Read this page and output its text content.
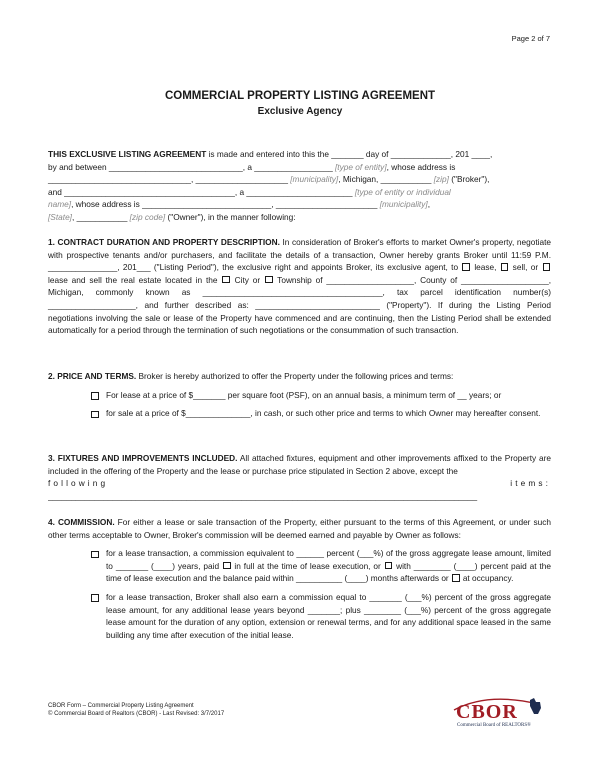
Page 2 of 7
COMMERCIAL PROPERTY LISTING AGREEMENT
Exclusive Agency

THIS EXCLUSIVE LISTING AGREEMENT is made and entered into this the _______ day of _____________, 201 ____,

by and between _____________________________, a _________________ [type of entity], whose address is

_______________________________, ____________________ [municipality], Michigan, ___________ [zip] ("Broker"),

and _____________________________________, a _______________________ [type of entity or individual

name], whose address is ____________________________, ______________________ [municipality],

[State], ___________ [zip code] ("Owner"), in the manner following:

1. CONTRACT DURATION AND PROPERTY DESCRIPTION. In consideration of Broker's efforts to market Owner's property, negotiate with prospective tenants and/or purchasers, and facilitate the details of a transaction, Owner hereby grants Broker until 11:59 P.M. _______________, 201___ ("Listing Period"), the exclusive right and appoints Broker, its exclusive agent, to  lease,  sell, or  lease and sell the real estate located in the  City or  Township of ___________________, County of ___________________, Michigan, commonly known as _______________________________________, tax parcel identification number(s) ___________________, and further described as: ___________________________ ("Property"). If during the Listing Period negotiations involving the sale or lease of the Property have commenced and are continuing, then the Listing Period shall be extended automatically for a period through the termination of such negotiations or the consummation of such transaction.

2. PRICE AND TERMS. Broker is hereby authorized to offer the Property under the following prices and terms:

For lease at a price of $_______ per square foot (PSF), on an annual basis, a minimum term of __ years; or

for sale at a price of $______________, in cash, or such other price and terms to which Owner may hereafter consent.

3. FIXTURES AND IMPROVEMENTS INCLUDED. All attached fixtures, equipment and other improvements affixed to the Property are included in the offering of the Property and the lease or purchase price stipulated in Section 2 above, except the

following	items:

_____________________________________________________________________________________________

4. COMMISSION. For either a lease or sale transaction of the Property, either pursuant to the terms of this Agreement, or under such other terms acceptable to Owner, Broker's commission will be deemed earned and payable by Owner as follows:

for a lease transaction, a commission equivalent to ______ percent (___%) of the gross aggregate lease amount, limited to _______ (____) years, paid  in full at the time of lease execution, or  with ________ (____) percent paid at the time of lease execution and the balance paid within __________ (____) months afterwards or  at occupancy.

for a lease transaction, Broker shall also earn a commission equal to _______ (___%) percent of the gross aggregate lease amount, for any additional lease years beyond _______; plus ________ (___%) percent of the gross aggregate lease amount for the duration of any option, extension or renewal terms, and for any additional space leased in the same building any time after execution of the initial lease.

CBOR Form – Commercial Property Listing Agreement
© Commercial Board of Realtors (CBOR) - Last Revised: 3/7/2017	CBOR
Commercial Board of REALTORS®
